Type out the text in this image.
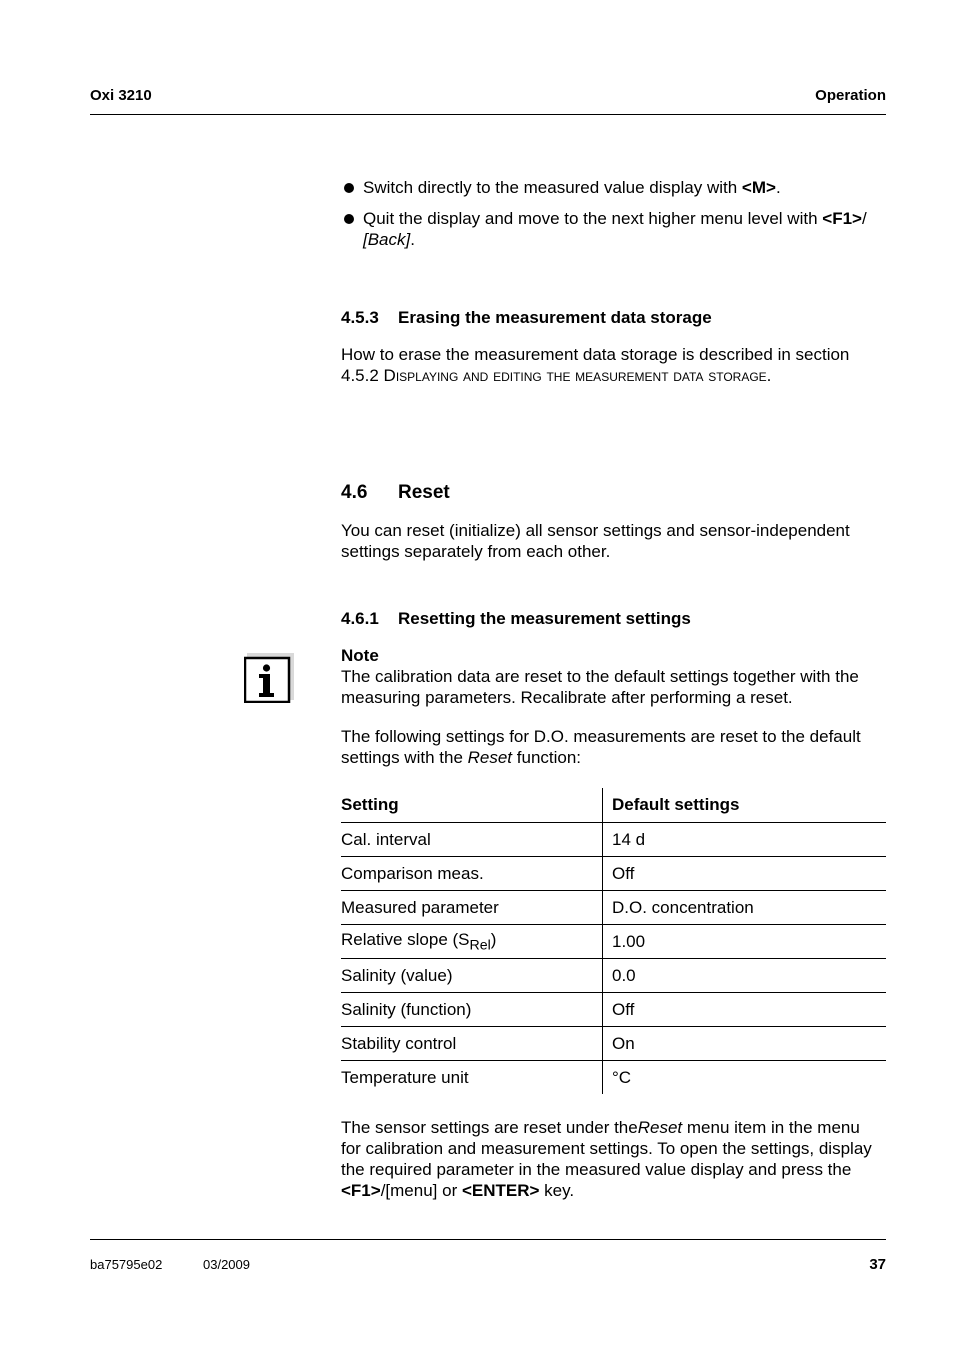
Oxi 3210	Operation
Switch directly to the measured value display with <M>.
Quit the display and move to the next higher menu level with <F1>/
[Back].
4.5.3 Erasing the measurement data storage
How to erase the measurement data storage is described in section
4.5.2 Displaying and editing the measurement data storage.
4.6 Reset
You can reset (initialize) all sensor settings and sensor-independent
settings separately from each other.
4.6.1 Resetting the measurement settings
Note
The calibration data are reset to the default settings together with the
measuring parameters. Recalibrate after performing a reset.
The following settings for D.O. measurements are reset to the default
settings with the Reset function:
Setting	Default settings
Cal. interval	14 d
Comparison meas.	Off
Measured parameter	D.O. concentration
Relative slope $(S_{Rel})$	1.00
Salinity (value)	0.0
Salinity (function)	Off
Stability control	On
Temperature unit	°C
The sensor settings are reset under theReset menu item in the menu
for calibration and measurement settings. To open the settings, display
the required parameter in the measured value display and press the
<F1>/[menu] or <ENTER> key.
ba75795e02	03/2009	37
